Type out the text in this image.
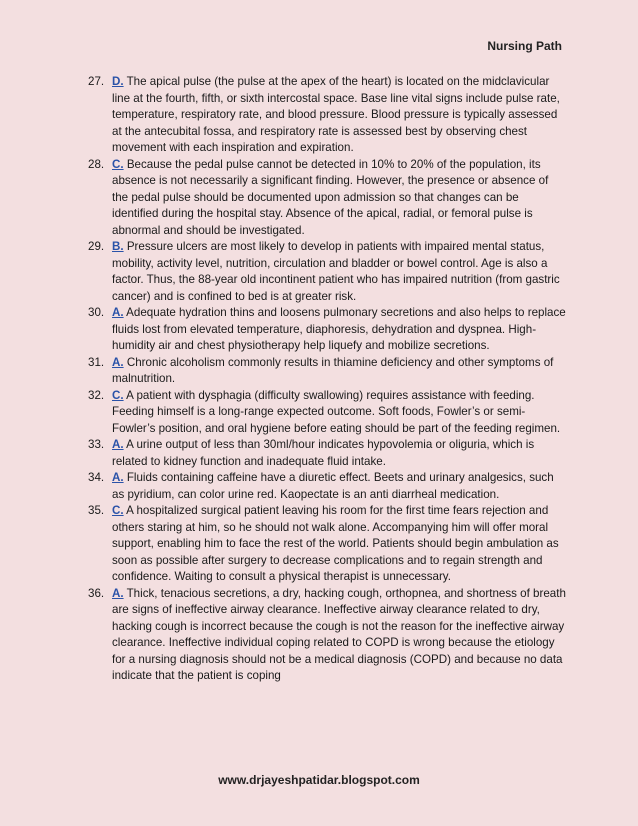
Nursing Path
27. D. The apical pulse (the pulse at the apex of the heart) is located on the midclavicular line at the fourth, fifth, or sixth intercostal space. Base line vital signs include pulse rate, temperature, respiratory rate, and blood pressure. Blood pressure is typically assessed at the antecubital fossa, and respiratory rate is assessed best by observing chest movement with each inspiration and expiration.
28. C. Because the pedal pulse cannot be detected in 10% to 20% of the population, its absence is not necessarily a significant finding. However, the presence or absence of the pedal pulse should be documented upon admission so that changes can be identified during the hospital stay. Absence of the apical, radial, or femoral pulse is abnormal and should be investigated.
29. B. Pressure ulcers are most likely to develop in patients with impaired mental status, mobility, activity level, nutrition, circulation and bladder or bowel control. Age is also a factor. Thus, the 88-year old incontinent patient who has impaired nutrition (from gastric cancer) and is confined to bed is at greater risk.
30. A. Adequate hydration thins and loosens pulmonary secretions and also helps to replace fluids lost from elevated temperature, diaphoresis, dehydration and dyspnea. High- humidity air and chest physiotherapy help liquefy and mobilize secretions.
31. A. Chronic alcoholism commonly results in thiamine deficiency and other symptoms of malnutrition.
32. C. A patient with dysphagia (difficulty swallowing) requires assistance with feeding. Feeding himself is a long-range expected outcome. Soft foods, Fowler’s or semi-Fowler’s position, and oral hygiene before eating should be part of the feeding regimen.
33. A. A urine output of less than 30ml/hour indicates hypovolemia or oliguria, which is related to kidney function and inadequate fluid intake.
34. A. Fluids containing caffeine have a diuretic effect. Beets and urinary analgesics, such as pyridium, can color urine red. Kaopectate is an anti diarrheal medication.
35. C. A hospitalized surgical patient leaving his room for the first time fears rejection and others staring at him, so he should not walk alone. Accompanying him will offer moral support, enabling him to face the rest of the world. Patients should begin ambulation as soon as possible after surgery to decrease complications and to regain strength and confidence. Waiting to consult a physical therapist is unnecessary.
36. A. Thick, tenacious secretions, a dry, hacking cough, orthopnea, and shortness of breath are signs of ineffective airway clearance. Ineffective airway clearance related to dry, hacking cough is incorrect because the cough is not the reason for the ineffective airway clearance. Ineffective individual coping related to COPD is wrong because the etiology for a nursing diagnosis should not be a medical diagnosis (COPD) and because no data indicate that the patient is coping
www.drjayeshpatidar.blogspot.com
